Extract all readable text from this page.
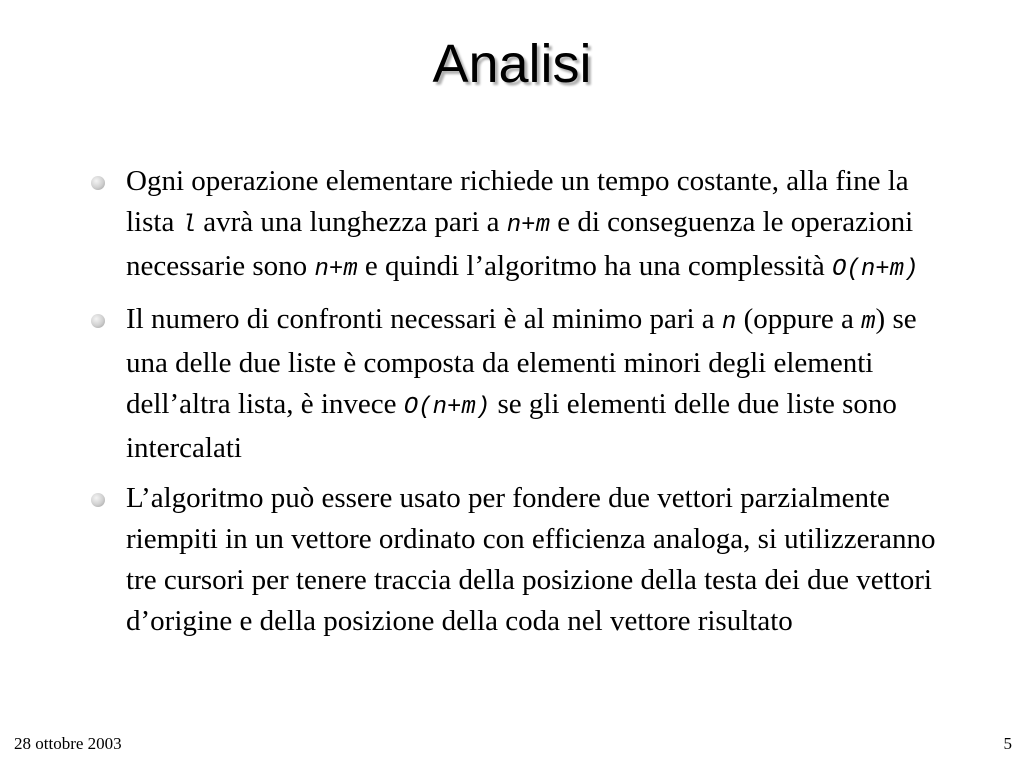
Analisi
Ogni operazione elementare richiede un tempo costante, alla fine la lista l avrà una lunghezza pari a n+m e di conseguenza le operazioni necessarie sono n+m e quindi l’algoritmo ha una complessità O(n+m)
Il numero di confronti necessari è al minimo pari a n (oppure a m) se una delle due liste è composta da elementi minori degli elementi dell’altra lista, è invece O(n+m) se gli elementi delle due liste sono intercalati
L’algoritmo può essere usato per fondere due vettori parzialmente riempiti in un vettore ordinato con efficienza analoga, si utilizzeranno tre cursori per tenere traccia della posizione della testa dei due vettori d’origine e della posizione della coda nel vettore risultato
28 ottobre 2003	5
